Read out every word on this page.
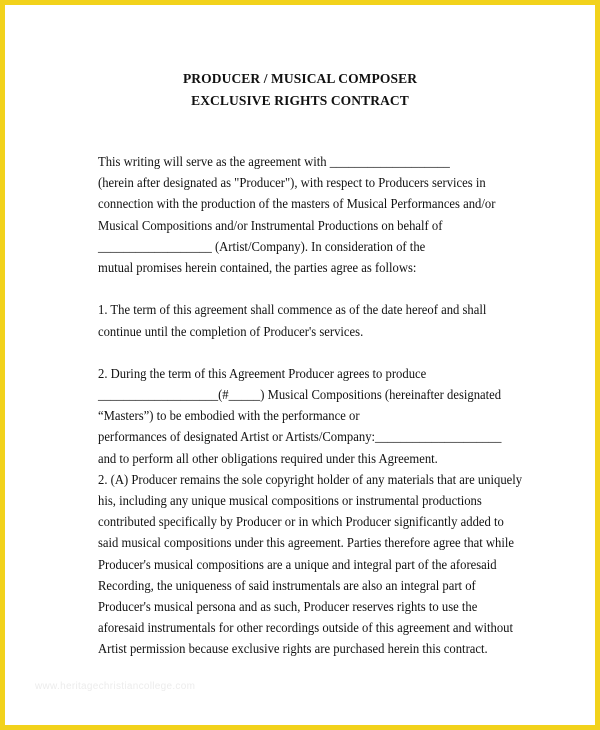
PRODUCER / MUSICAL COMPOSER
EXCLUSIVE RIGHTS CONTRACT
This writing will serve as the agreement with ___________________
(herein after designated as "Producer"), with respect to Producers services in
connection with the production of the masters of Musical Performances and/or
Musical Compositions and/or Instrumental Productions on behalf of
__________________ (Artist/Company). In consideration of the
mutual promises herein contained, the parties agree as follows:
1. The term of this agreement shall commence as of the date hereof and shall
continue until the completion of Producer's services.
2. During the term of this Agreement Producer agrees to produce
___________________(#_____) Musical Compositions (hereinafter designated
“Masters”) to be embodied with the performance or
performances of designated Artist or Artists/Company:____________________
and to perform all other obligations required under this Agreement.
2. (A) Producer remains the sole copyright holder of any materials that are uniquely
his, including any unique musical compositions or instrumental productions
contributed specifically by Producer or in which Producer significantly added to
said musical compositions under this agreement. Parties therefore agree that while
Producer's musical compositions are a unique and integral part of the aforesaid
Recording, the uniqueness of said instrumentals are also an integral part of
Producer's musical persona and as such, Producer reserves rights to use the
aforesaid instrumentals for other recordings outside of this agreement and without
Artist permission because exclusive rights are purchased herein this contract.
www.heritagechristiancollege.com
